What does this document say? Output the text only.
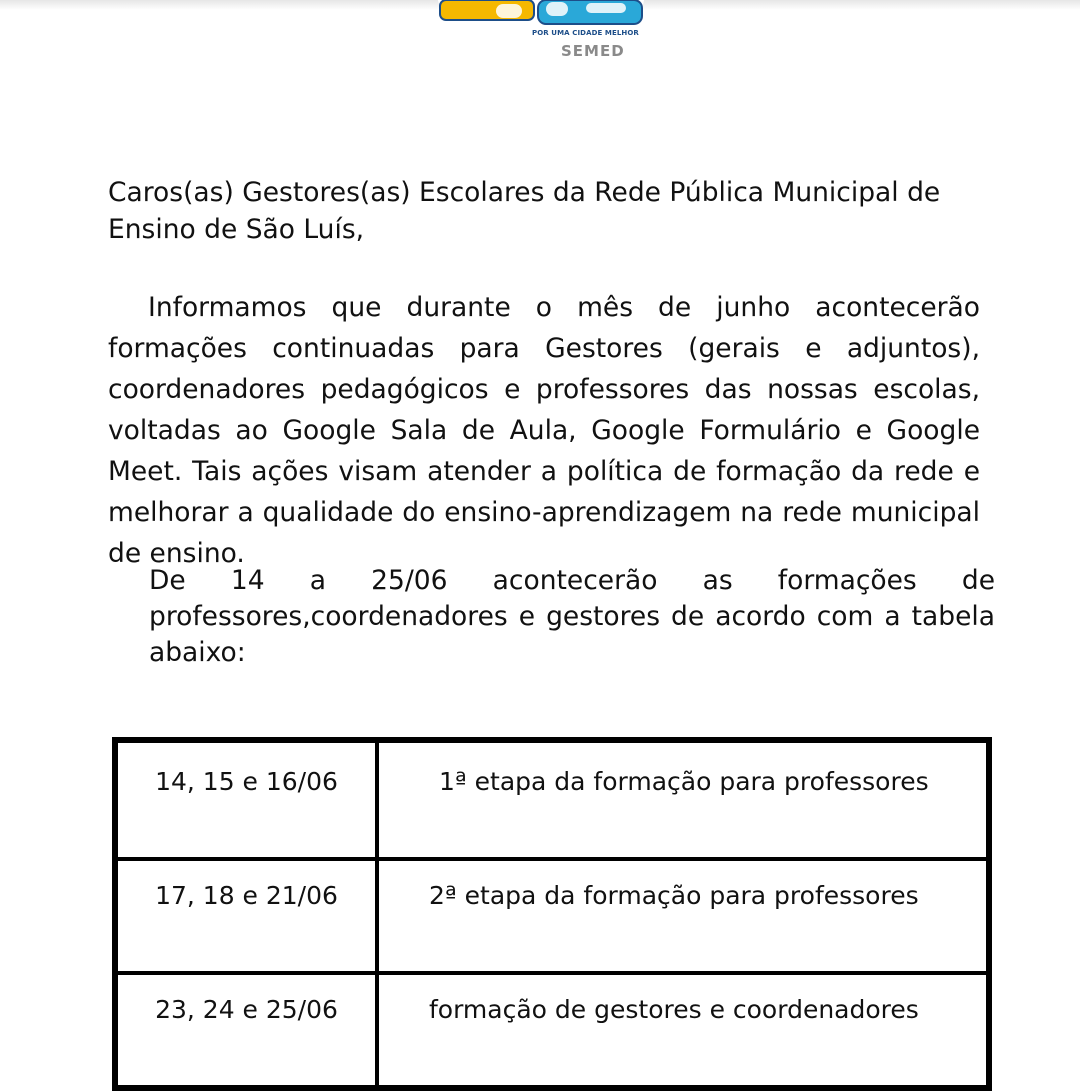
POR UMA CIDADE MELHOR
SEMED

Caros(as) Gestores(as) Escolares da Rede Pública Municipal de Ensino de São Luís,

Informamos que durante o mês de junho acontecerão formações continuadas para Gestores (gerais e adjuntos), coordenadores pedagógicos e professores das nossas escolas, voltadas ao Google Sala de Aula, Google Formulário e Google Meet. Tais ações visam atender a política de formação da rede e melhorar a qualidade do ensino-aprendizagem na rede municipal de ensino.

De 14 a 25/06 acontecerão as formações de professores,coordenadores e gestores de acordo com a tabela abaixo:

14, 15 e 16/06	1ª etapa da formação para professores
17, 18 e 21/06	2ª etapa da formação para professores
23, 24 e 25/06	formação de gestores e coordenadores
